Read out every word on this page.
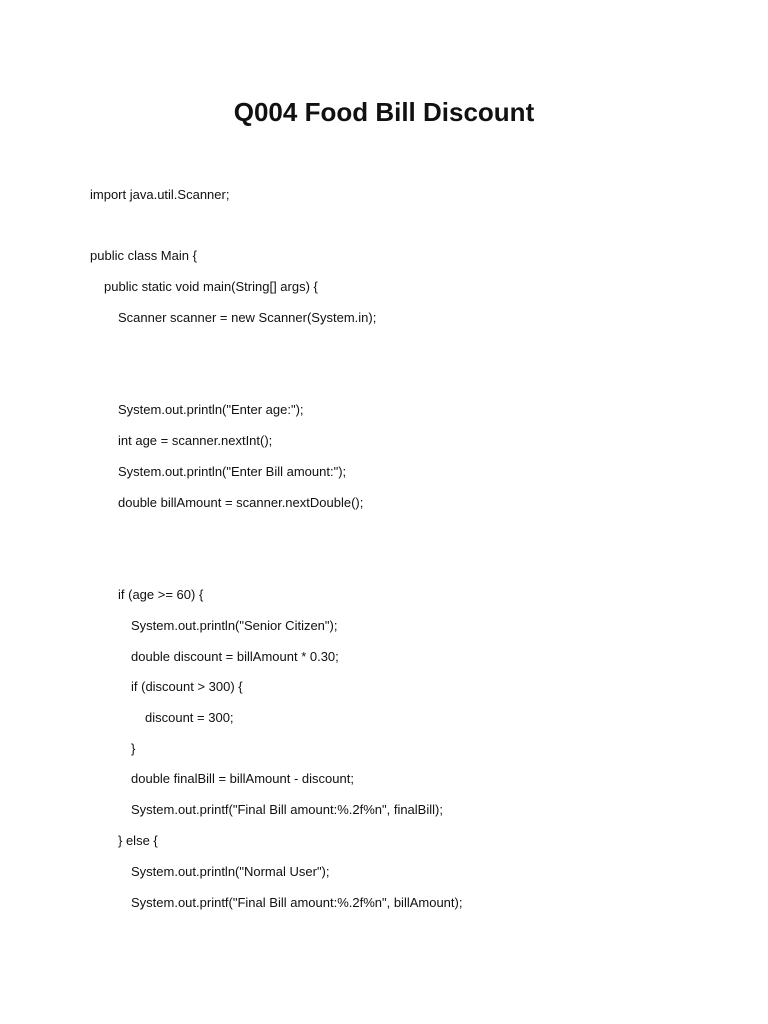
Q004 Food Bill Discount
import java.util.Scanner;
public class Main {
public static void main(String[] args) {
Scanner scanner = new Scanner(System.in);
System.out.println("Enter age:");
int age = scanner.nextInt();
System.out.println("Enter Bill amount:");
double billAmount = scanner.nextDouble();
if (age >= 60) {
System.out.println("Senior Citizen");
double discount = billAmount * 0.30;
if (discount > 300) {
discount = 300;
}
double finalBill = billAmount - discount;
System.out.printf("Final Bill amount:%.2f%n", finalBill);
} else {
System.out.println("Normal User");
System.out.printf("Final Bill amount:%.2f%n", billAmount);
